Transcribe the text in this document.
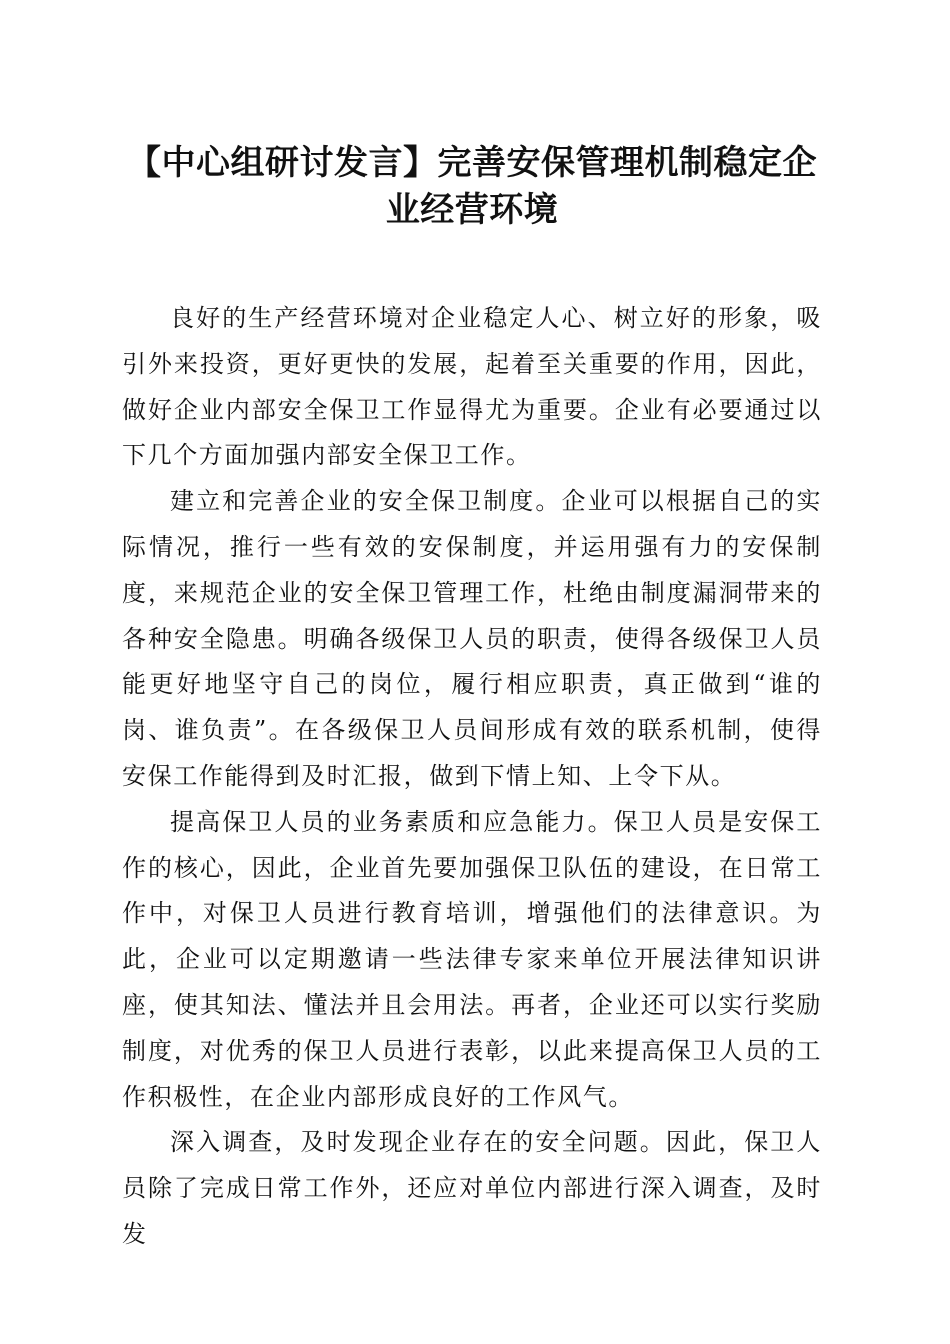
【中心组研讨发言】完善安保管理机制稳定企业经营环境

良好的生产经营环境对企业稳定人心、树立好的形象，吸引外来投资，更好更快的发展，起着至关重要的作用，因此，做好企业内部安全保卫工作显得尤为重要。企业有必要通过以下几个方面加强内部安全保卫工作。

建立和完善企业的安全保卫制度。企业可以根据自己的实际情况，推行一些有效的安保制度，并运用强有力的安保制度，来规范企业的安全保卫管理工作，杜绝由制度漏洞带来的各种安全隐患。明确各级保卫人员的职责，使得各级保卫人员能更好地坚守自己的岗位，履行相应职责，真正做到“谁的岗、谁负责”。在各级保卫人员间形成有效的联系机制，使得安保工作能得到及时汇报，做到下情上知、上令下从。

提高保卫人员的业务素质和应急能力。保卫人员是安保工作的核心，因此，企业首先要加强保卫队伍的建设，在日常工作中，对保卫人员进行教育培训，增强他们的法律意识。为此，企业可以定期邀请一些法律专家来单位开展法律知识讲座，使其知法、懂法并且会用法。再者，企业还可以实行奖励制度，对优秀的保卫人员进行表彰，以此来提高保卫人员的工作积极性，在企业内部形成良好的工作风气。

深入调查，及时发现企业存在的安全问题。因此，保卫人员除了完成日常工作外，还应对单位内部进行深入调查，及时发
